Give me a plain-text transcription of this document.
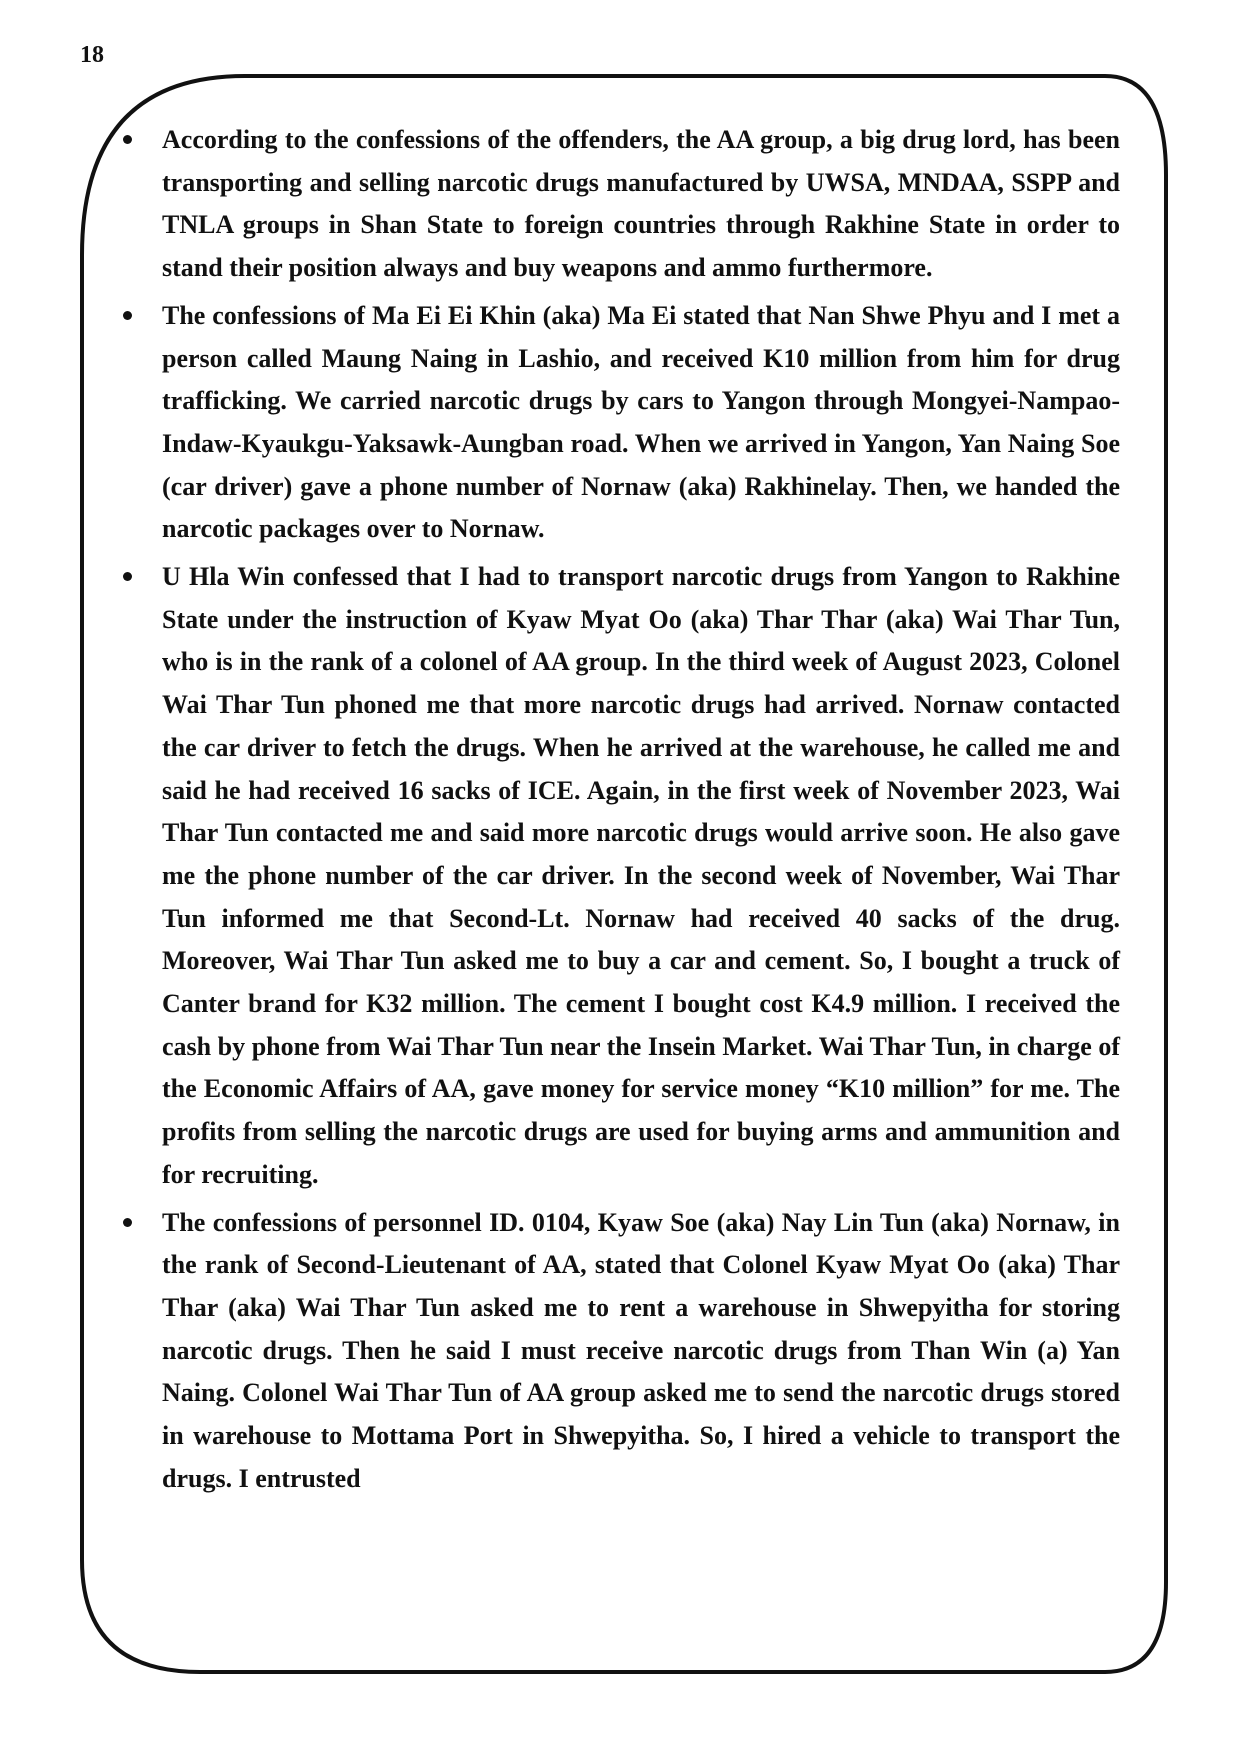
18
According to the confessions of the offenders, the AA group, a big drug lord, has been transporting and selling narcotic drugs manufactured by UWSA, MNDAA, SSPP and TNLA groups in Shan State to foreign countries through Rakhine State in order to stand their position always and buy weapons and ammo furthermore.
The confessions of Ma Ei Ei Khin (aka) Ma Ei stated that Nan Shwe Phyu and I met a person called Maung Naing in Lashio, and received K10 million from him for drug trafficking. We carried narcotic drugs by cars to Yangon through Mongyei-Nampao-Indaw-Kyaukgu-Yaksawk-Aungban road. When we arrived in Yangon, Yan Naing Soe (car driver) gave a phone number of Nornaw (aka) Rakhinelay. Then, we handed the narcotic packages over to Nornaw.
U Hla Win confessed that I had to transport narcotic drugs from Yangon to Rakhine State under the instruction of Kyaw Myat Oo (aka) Thar Thar (aka) Wai Thar Tun, who is in the rank of a colonel of AA group. In the third week of August 2023, Colonel Wai Thar Tun phoned me that more narcotic drugs had arrived. Nornaw contacted the car driver to fetch the drugs. When he arrived at the warehouse, he called me and said he had received 16 sacks of ICE. Again, in the first week of November 2023, Wai Thar Tun contacted me and said more narcotic drugs would arrive soon. He also gave me the phone number of the car driver. In the second week of November, Wai Thar Tun informed me that Second-Lt. Nornaw had received 40 sacks of the drug. Moreover, Wai Thar Tun asked me to buy a car and cement. So, I bought a truck of Canter brand for K32 million. The cement I bought cost K4.9 million. I received the cash by phone from Wai Thar Tun near the Insein Market. Wai Thar Tun, in charge of the Economic Affairs of AA, gave money for service money “K10 million” for me. The profits from selling the narcotic drugs are used for buying arms and ammunition and for recruiting.
The confessions of personnel ID. 0104, Kyaw Soe (aka) Nay Lin Tun (aka) Nornaw, in the rank of Second-Lieutenant of AA, stated that Colonel Kyaw Myat Oo (aka) Thar Thar (aka) Wai Thar Tun asked me to rent a warehouse in Shwepyitha for storing narcotic drugs. Then he said I must receive narcotic drugs from Than Win (a) Yan Naing. Colonel Wai Thar Tun of AA group asked me to send the narcotic drugs stored in warehouse to Mottama Port in Shwepyitha. So, I hired a vehicle to transport the drugs. I entrusted
